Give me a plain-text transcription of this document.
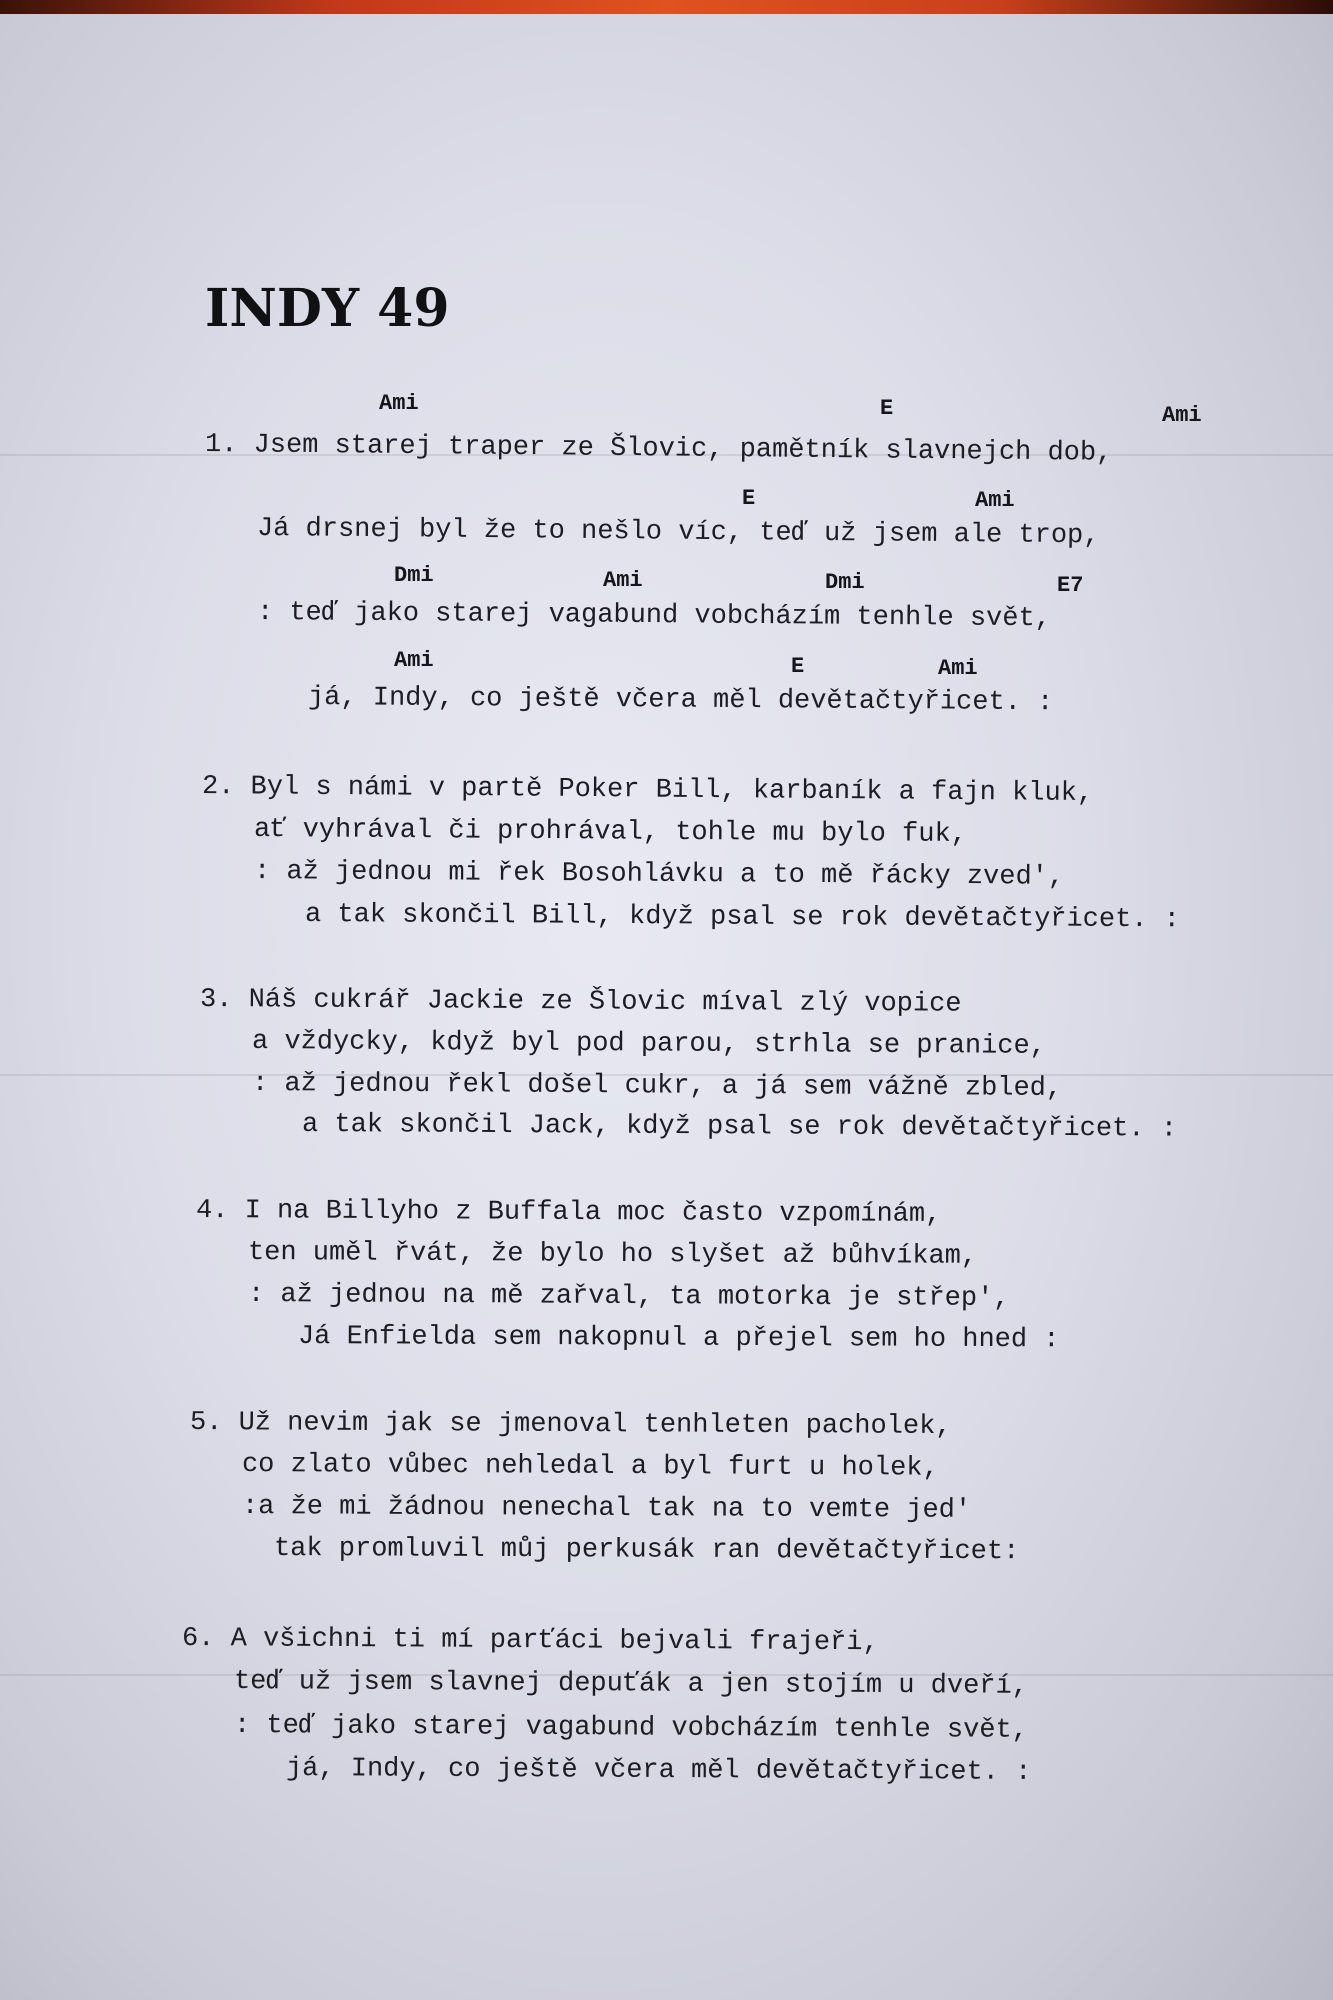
INDY 49
Ami	E	Ami
E	Ami
Dmi	Ami	Dmi	E7
Ami	E	Ami
1. Jsem starej traper ze Šlovic, pamětník slavnejch dob,
Já drsnej byl že to nešlo víc, teď už jsem ale trop,
: teď jako starej vagabund vobcházím tenhle svět,
já, Indy, co ještě včera měl devětačtyřicet. :
2. Byl s námi v partě Poker Bill, karbaník a fajn kluk,
ať vyhrával či prohrával, tohle mu bylo fuk,
: až jednou mi řek Bosohlávku a to mě řácky zved',
a tak skončil Bill, když psal se rok devětačtyřicet. :
3. Náš cukrář Jackie ze Šlovic míval zlý vopice
a vždycky, když byl pod parou, strhla se pranice,
: až jednou řekl došel cukr, a já sem vážně zbled,
a tak skončil Jack, když psal se rok devětačtyřicet. :
4. I na Billyho z Buffala moc často vzpomínám,
ten uměl řvát, že bylo ho slyšet až bůhvíkam,
: až jednou na mě zařval, ta motorka je střep',
Já Enfielda sem nakopnul a přejel sem ho hned :
5. Už nevim jak se jmenoval tenhleten pacholek,
co zlato vůbec nehledal a byl furt u holek,
:a že mi žádnou nenechal tak na to vemte jed'
tak promluvil můj perkusák ran devětačtyřicet:
6. A všichni ti mí parťáci bejvali frajeři,
teď už jsem slavnej depuťák a jen stojím u dveří,
: teď jako starej vagabund vobcházím tenhle svět,
já, Indy, co ještě včera měl devětačtyřicet. :
